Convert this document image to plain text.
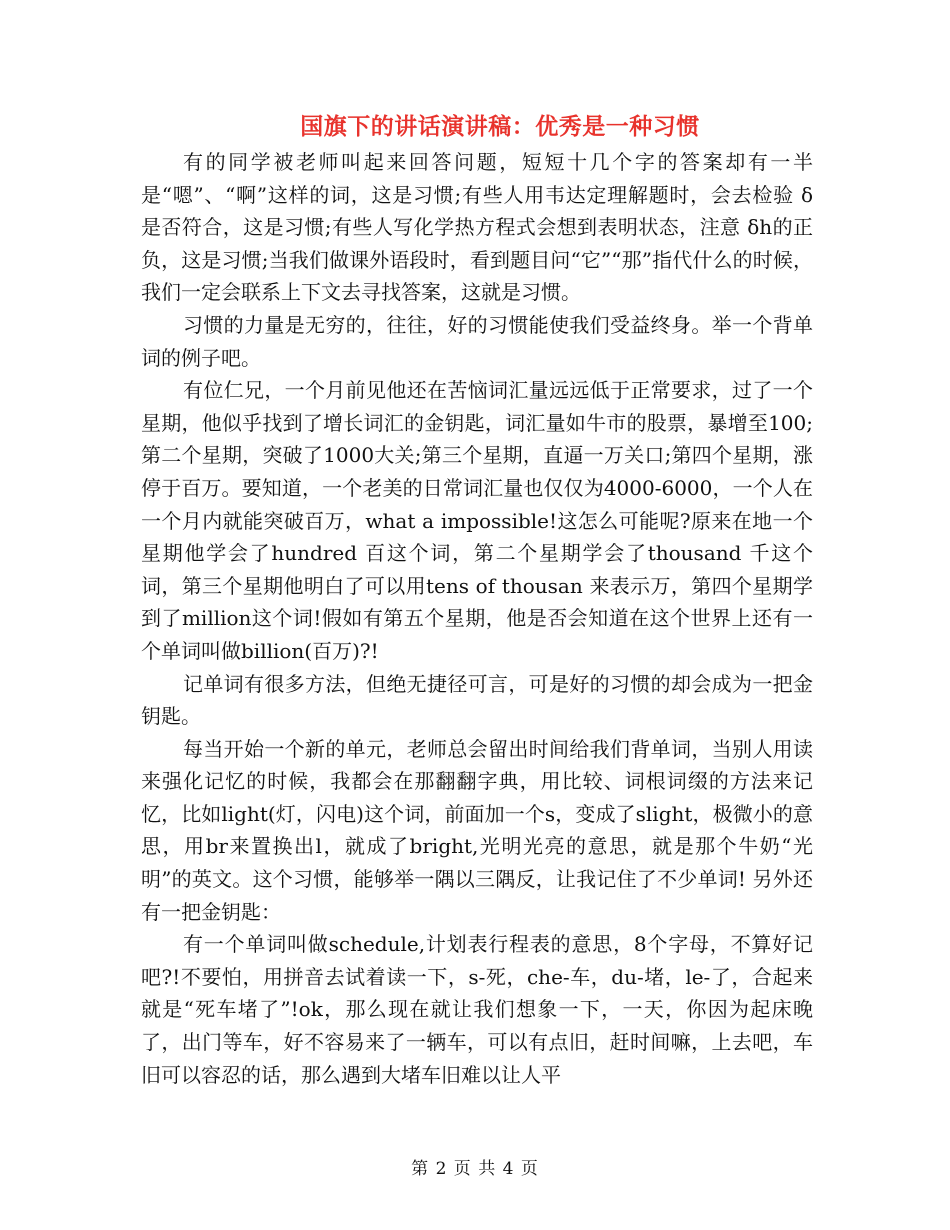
国旗下的讲话演讲稿：优秀是一种习惯

有的同学被老师叫起来回答问题，短短十几个字的答案却有一半是“嗯”、“啊”这样的词，这是习惯;有些人用韦达定理解题时，会去检验 δ 是否符合，这是习惯;有些人写化学热方程式会想到表明状态，注意 δh的正负，这是习惯;当我们做课外语段时，看到题目问“它”“那”指代什么的时候，我们一定会联系上下文去寻找答案，这就是习惯。

习惯的力量是无穷的，往往，好的习惯能使我们受益终身。举一个背单词的例子吧。

有位仁兄，一个月前见他还在苦恼词汇量远远低于正常要求，过了一个星期，他似乎找到了增长词汇的金钥匙，词汇量如牛市的股票，暴增至100;第二个星期，突破了1000大关;第三个星期，直逼一万关口;第四个星期，涨停于百万。要知道，一个老美的日常词汇量也仅仅为4000-6000，一个人在一个月内就能突破百万，what a impossible!这怎么可能呢?原来在地一个星期他学会了hundred 百这个词，第二个星期学会了thousand 千这个词，第三个星期他明白了可以用tens of thousan 来表示万，第四个星期学到了million这个词!假如有第五个星期，他是否会知道在这个世界上还有一个单词叫做billion(百万)?!

记单词有很多方法，但绝无捷径可言，可是好的习惯的却会成为一把金钥匙。

每当开始一个新的单元，老师总会留出时间给我们背单词，当别人用读来强化记忆的时候，我都会在那翻翻字典，用比较、词根词缀的方法来记忆，比如light(灯，闪电)这个词，前面加一个s，变成了slight，极微小的意思，用br来置换出l，就成了bright,光明光亮的意思，就是那个牛奶“光明”的英文。这个习惯，能够举一隅以三隅反，让我记住了不少单词! 另外还有一把金钥匙：

有一个单词叫做schedule,计划表行程表的意思，8个字母，不算好记吧?!不要怕，用拼音去试着读一下，s-死，che-车，du-堵，le-了，合起来就是“死车堵了”!ok，那么现在就让我们想象一下，一天，你因为起床晚了，出门等车，好不容易来了一辆车，可以有点旧，赶时间嘛，上去吧，车旧可以容忍的话，那么遇到大堵车旧难以让人平

第 2 页 共 4 页
